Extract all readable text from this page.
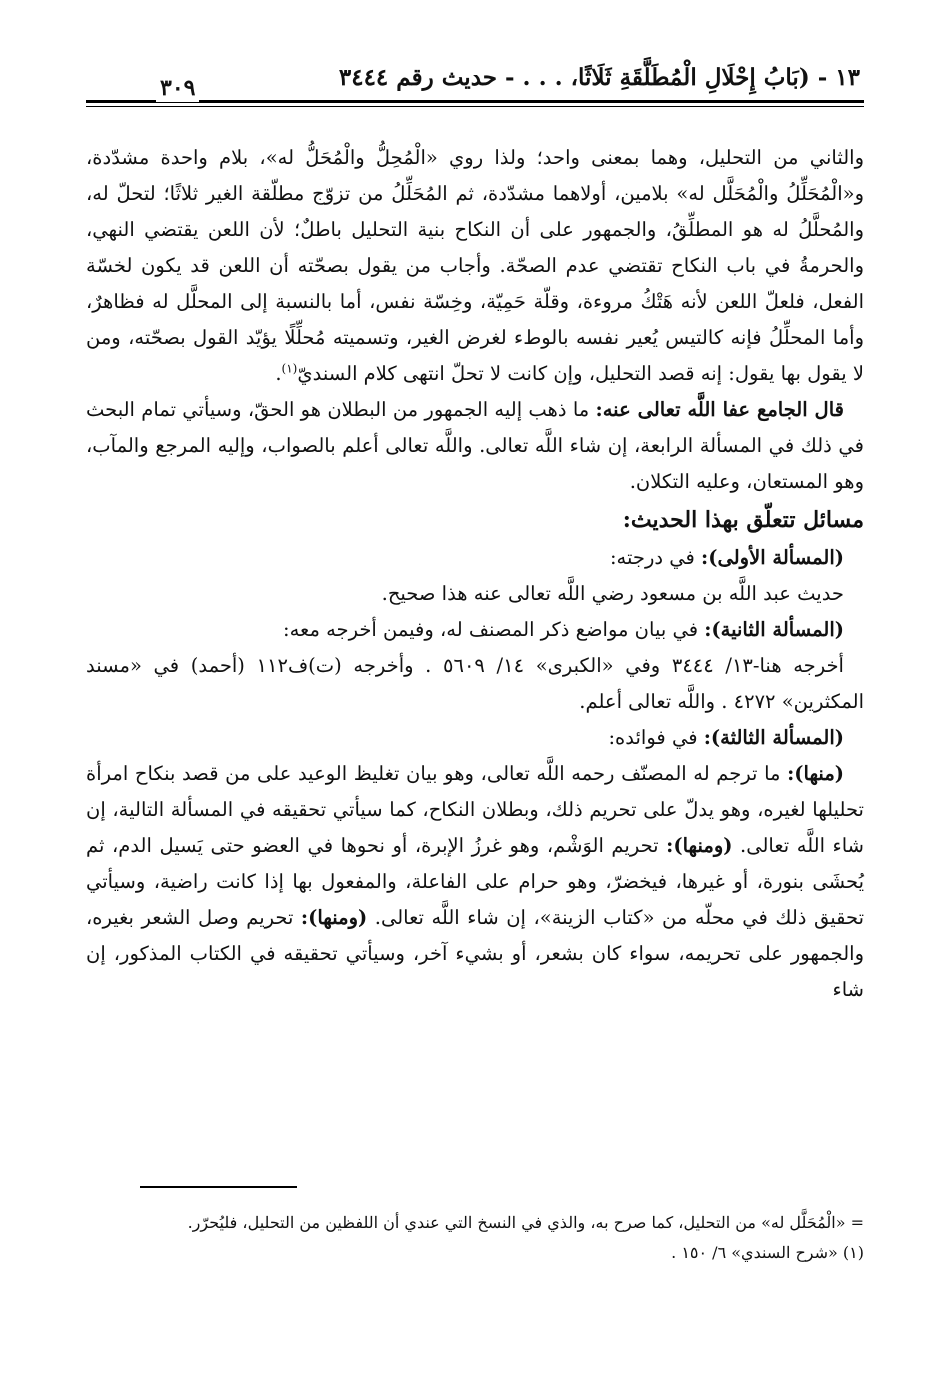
١٣ - (بَابُ إِحْلَالِ الْمُطَلَّقَةِ ثَلَاثًا، . . . - حديث رقم ٣٤٤٤
٣٠٩

والثاني من التحليل، وهما بمعنى واحد؛ ولذا روي «الْمُحِلُّ والْمُحَلُّ له»، بلام واحدة مشدّدة، و«الْمُحَلِّلُ والْمُحَلَّل له» بلامين، أولاهما مشدّدة، ثم المُحَلِّلُ من تزوّج مطلّقة الغير ثلاثًا؛ لتحلّ له، والمُحلَّلُ له هو المطلِّقُ، والجمهور على أن النكاح بنية التحليل باطلٌ؛ لأن اللعن يقتضي النهي، والحرمةُ في باب النكاح تقتضي عدم الصحّة. وأجاب من يقول بصحّته أن اللعن قد يكون لخسّة الفعل، فلعلّ اللعن لأنه هَتْكُ مروءة، وقلّة حَمِيّة، وخِسّة نفس، أما بالنسبة إلى المحلَّل له فظاهرٌ، وأما المحلِّلُ فإنه كالتيس يُعير نفسه بالوطء لغرض الغير، وتسميته مُحلِّلًا يؤيّد القول بصحّته، ومن لا يقول بها يقول: إنه قصد التحليل، وإن كانت لا تحلّ انتهى كلام السنديّ$^{(١)}$.

قال الجامع عفا اللَّه تعالى عنه: ما ذهب إليه الجمهور من البطلان هو الحقّ، وسيأتي تمام البحث في ذلك في المسألة الرابعة، إن شاء اللَّه تعالى. واللَّه تعالى أعلم بالصواب، وإليه المرجع والمآب، وهو المستعان، وعليه التكلان.

مسائل تتعلّق بهذا الحديث:

(المسألة الأولى): في درجته:

حديث عبد اللَّه بن مسعود رضي اللَّه تعالى عنه هذا صحيح.

(المسألة الثانية): في بيان مواضع ذكر المصنف له، وفيمن أخرجه معه:

أخرجه هنا-١٣/ ٣٤٤٤ وفي «الكبرى» ١٤/ ٥٦٠٩ . وأخرجه (ت)ف١١٢ (أحمد) في «مسند المكثرين» ٤٢٧٢ . واللَّه تعالى أعلم.

(المسألة الثالثة): في فوائده:

(منها): ما ترجم له المصنّف رحمه اللَّه تعالى، وهو بيان تغليظ الوعيد على من قصد بنكاح امرأة تحليلها لغيره، وهو يدلّ على تحريم ذلك، وبطلان النكاح، كما سيأتي تحقيقه في المسألة التالية، إن شاء اللَّه تعالى. (ومنها): تحريم الوَشْم، وهو غرزُ الإبرة، أو نحوها في العضو حتى يَسيل الدم، ثم يُحشَى بنورة، أو غيرها، فيخضرّ، وهو حرام على الفاعلة، والمفعول بها إذا كانت راضية، وسيأتي تحقيق ذلك في محلّه من «كتاب الزينة»، إن شاء اللَّه تعالى. (ومنها): تحريم وصل الشعر بغيره، والجمهور على تحريمه، سواء كان بشعر، أو بشيء آخر، وسيأتي تحقيقه في الكتاب المذكور، إن شاء

= «الْمُحَلَّل له» من التحليل، كما صرح به، والذي في النسخ التي عندي أن اللفظين من التحليل، فليُحرّر.

(١) «شرح السندي» ٦/ ١٥٠ .
